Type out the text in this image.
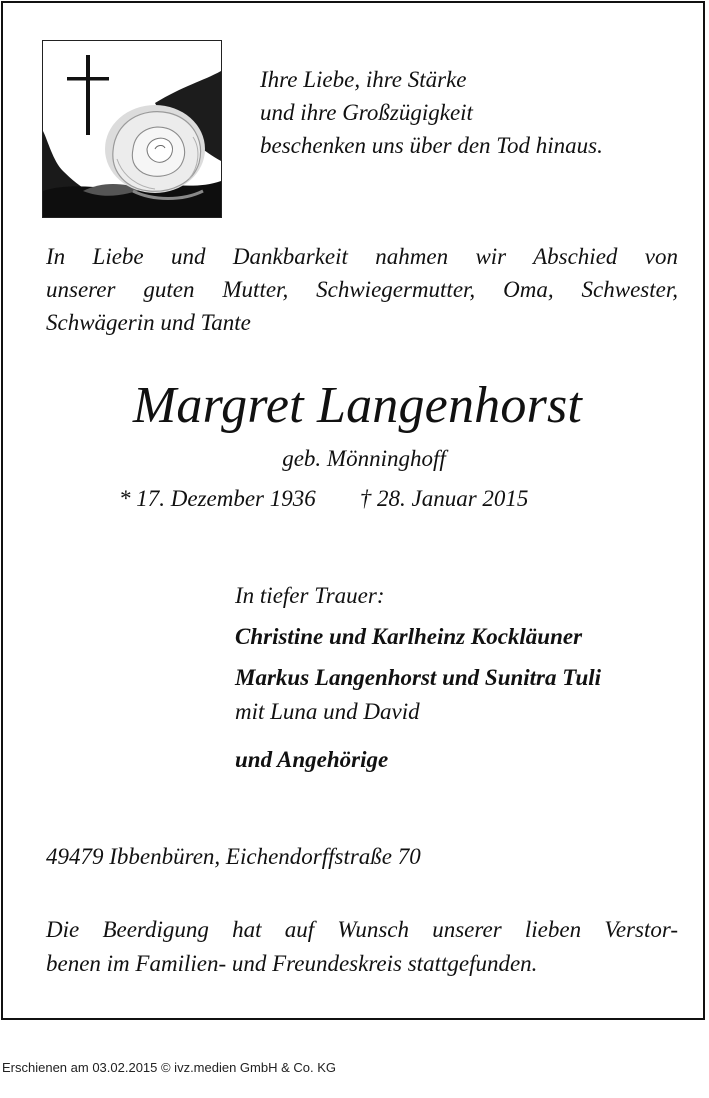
Ihre Liebe, ihre Stärke
und ihre Großzügigkeit
beschenken uns über den Tod hinaus.
In Liebe und Dankbarkeit nahmen wir Abschied von
unserer guten Mutter, Schwiegermutter, Oma, Schwester,
Schwägerin und Tante
Margret Langenhorst
geb. Mönninghoff
* 17. Dezember 1936 † 28. Januar 2015
In tiefer Trauer:
Christine und Karlheinz Kockläuner
Markus Langenhorst und Sunitra Tuli
mit Luna und David
und Angehörige
49479 Ibbenbüren, Eichendorffstraße 70
Die Beerdigung hat auf Wunsch unserer lieben Verstor-
benen im Familien- und Freundeskreis stattgefunden.

Erschienen am 03.02.2015 © ivz.medien GmbH & Co. KG
